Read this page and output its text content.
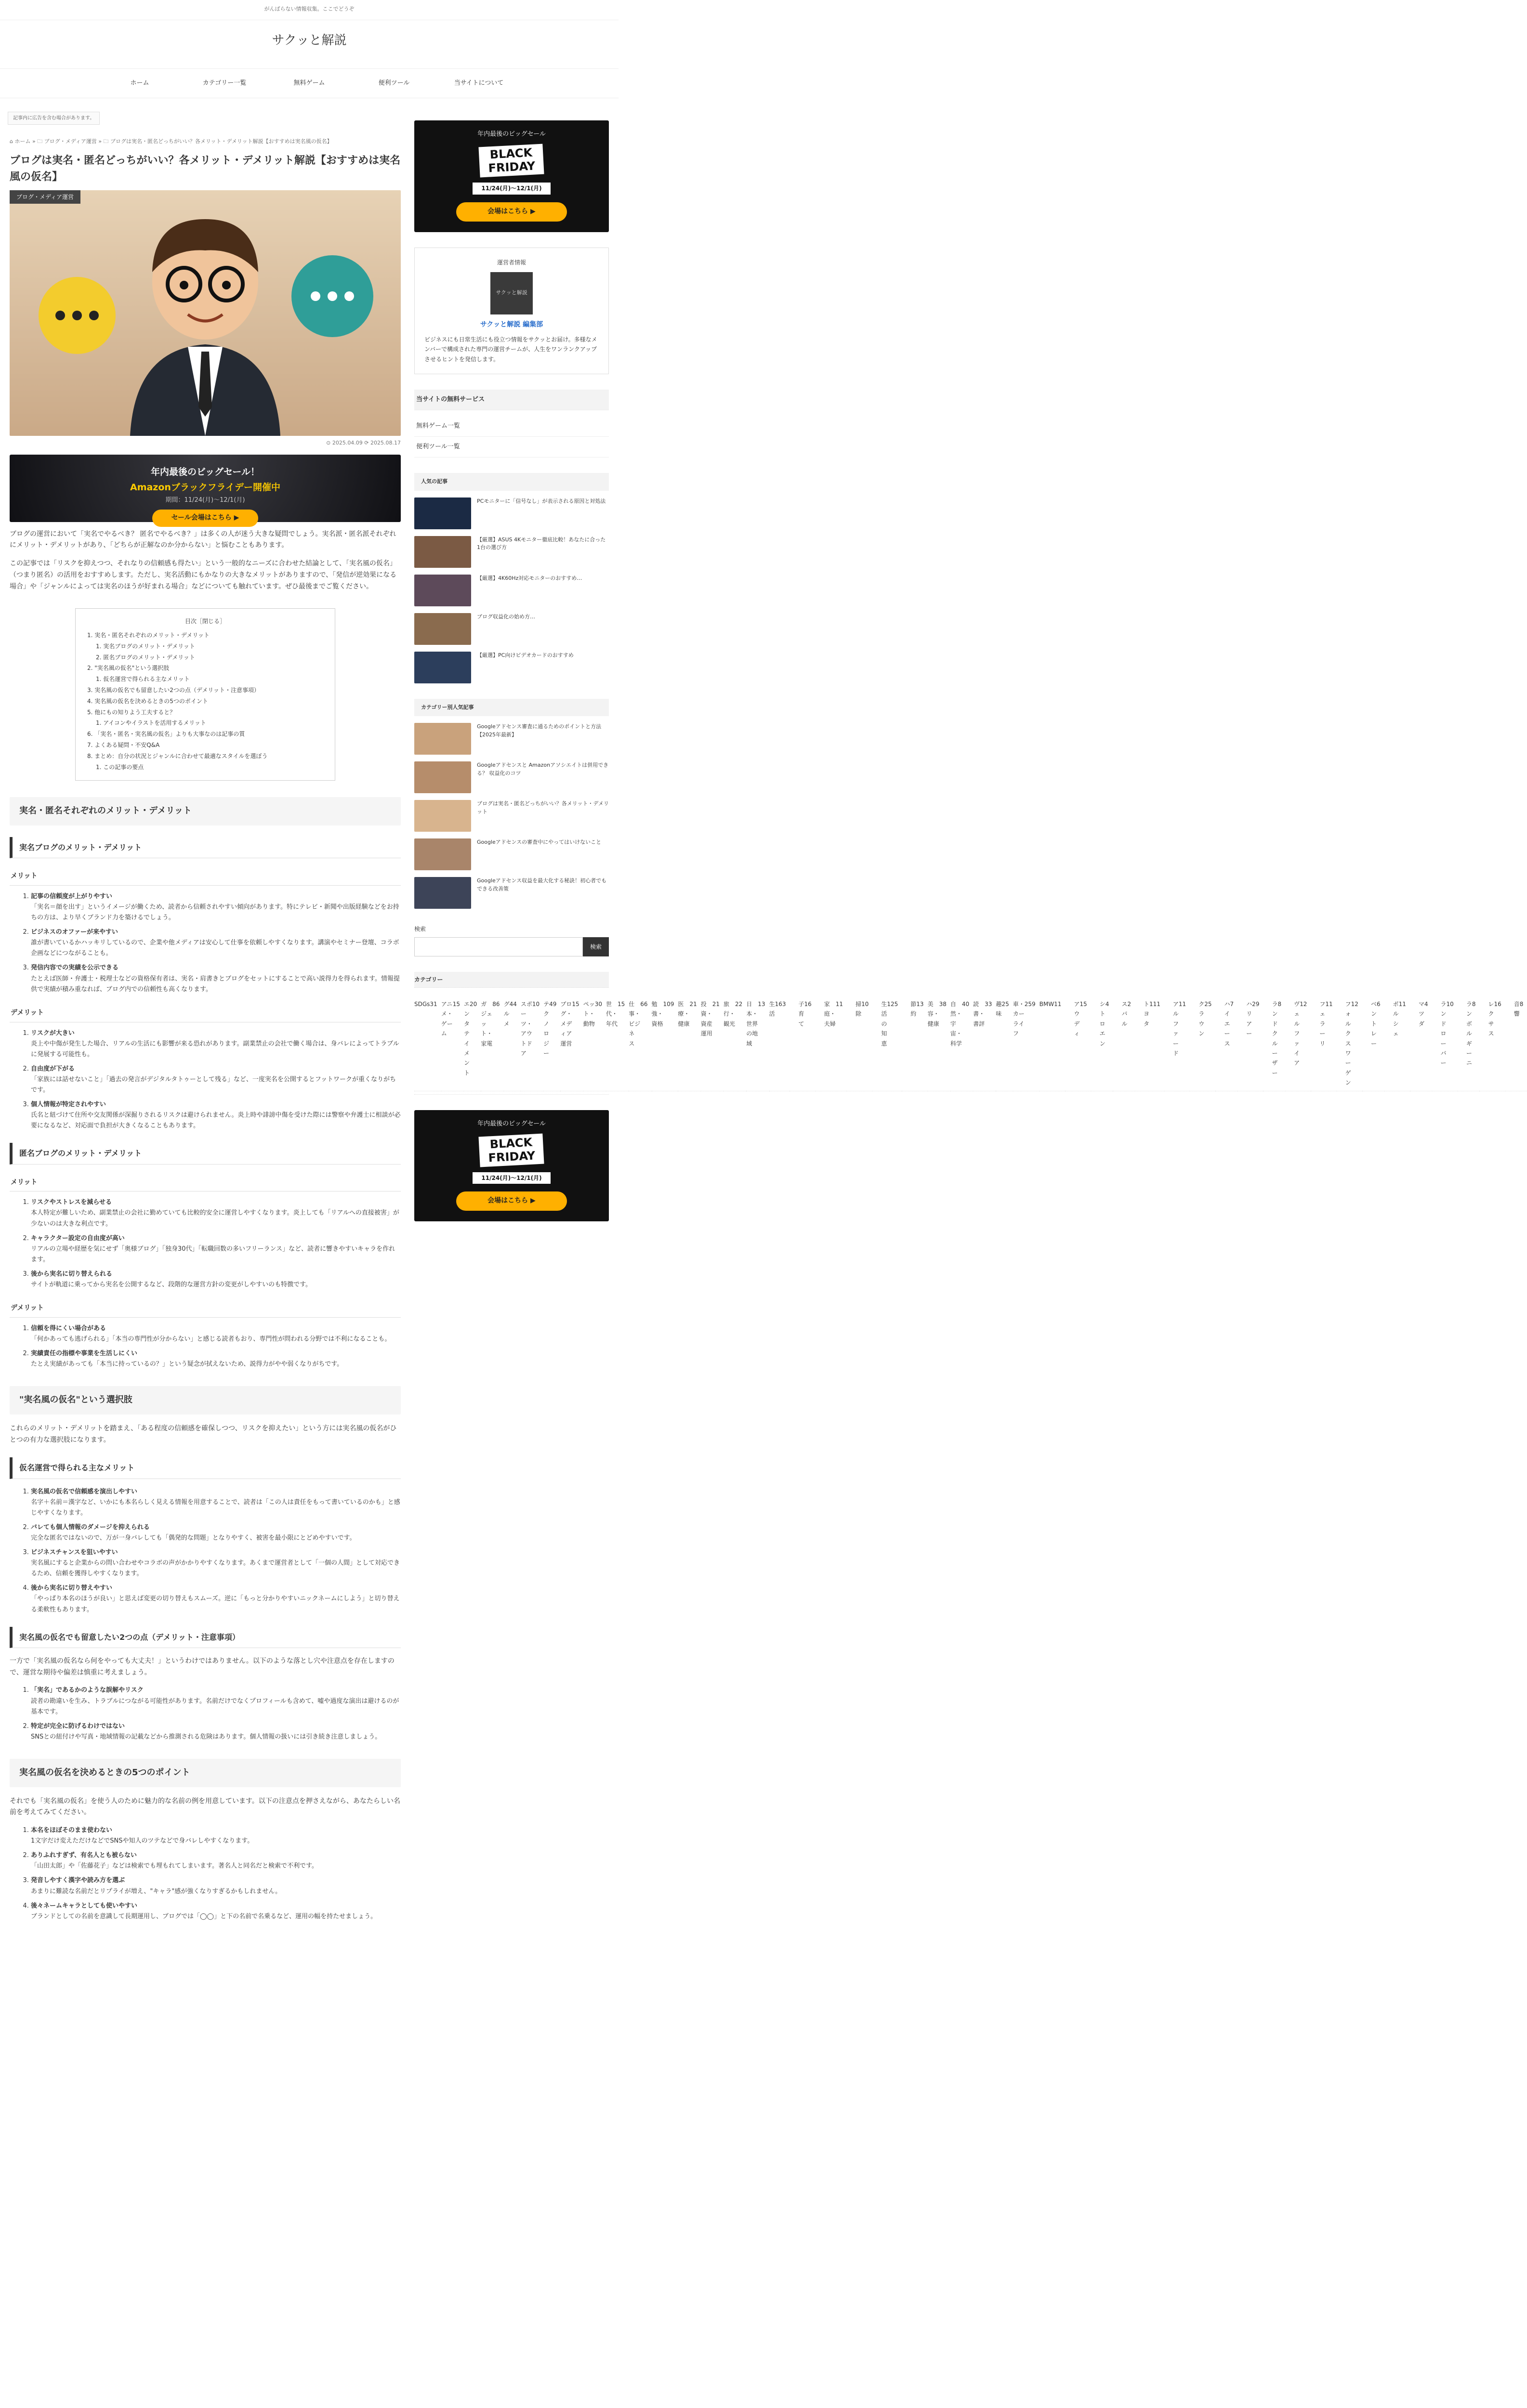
がんばらない情報収集。ここでどうぞ
サクッと解説
ホーム	カテゴリー一覧	無料ゲーム	便利ツール	当サイトについて
記事内に広告を含む場合があります。
⌂ ホーム » 🗀 ブログ・メディア運営 » 🗀 ブログは実名・匿名どっちがいい？各メリット・デメリット解説【おすすめは実名風の仮名】
ブログは実名・匿名どっちがいい？各メリット・デメリット解説【おすすめは実名風の仮名】
ブログ・メディア運営
⊙ 2025.04.09 ⟳ 2025.08.17
年内最後のビッグセール！
Amazonブラックフライデー開催中
期間：11/24(月)〜12/1(月)
セール会場はこちら ▶

ブログの運営において「実名でやるべき？ 匿名でやるべき？」は多くの人が迷う大きな疑問でしょう。実名派・匿名派それぞれにメリット・デメリットがあり、「どちらが正解なのか分からない」と悩むこともあります。

この記事では「リスクを抑えつつ、それなりの信頼感も得たい」という一般的なニーズに合わせた結論として、「実名風の仮名」（つまり匿名）の活用をおすすめします。ただし、実名活動にもかなりの大きなメリットがありますので、「発信が逆効果になる場合」や「ジャンルによっては実名のほうが好まれる場合」などについても触れています。ぜひ最後までご覧ください。

目次［閉じる］
1. 実名・匿名それぞれのメリット・デメリット
1. 実名ブログのメリット・デメリット
2. 匿名ブログのメリット・デメリット
2. "実名風の仮名"という選択肢
1. 仮名運営で得られる主なメリット
3. 実名風の仮名でも留意したい2つの点（デメリット・注意事項）
4. 実名風の仮名を決めるときの5つのポイント
5. 他にもの知りよう工夫すると？
1. アイコンやイラストを活用するメリット
6. 「実名・匿名・実名風の仮名」よりも大事なのは記事の質
7. よくある疑問・不安Q&A
8. まとめ：自分の状況とジャンルに合わせて最適なスタイルを選ぼう
1. この記事の要点
実名・匿名それぞれのメリット・デメリット
実名ブログのメリット・デメリット
メリット
1. 記事の信頼度が上がりやすい
「実名＝顔を出す」というイメージが働くため、読者から信頼されやすい傾向があります。特にテレビ・新聞や出版経験などをお持ちの方は、より早くブランド力を築けるでしょう。
2. ビジネスのオファーが来やすい
誰が書いているかハッキリしているので、企業や他メディアは安心して仕事を依頼しやすくなります。講演やセミナー登壇、コラボ企画などにつながることも。
3. 発信内容での実績を公示できる
たとえば医師・弁護士・税理士などの資格保有者は、実名・肩書きとブログをセットにすることで高い説得力を得られます。情報提供で実績が積み重なれば、ブログ内での信頼性も高くなります。
デメリット
1. リスクが大きい
炎上や中傷が発生した場合、リアルの生活にも影響が来る恐れがあります。副業禁止の会社で働く場合は、身バレによってトラブルに発展する可能性も。
2. 自由度が下がる
「家族には話せないこと」「過去の発言がデジタルタトゥーとして残る」など、一度実名を公開するとフットワークが重くなりがちです。
3. 個人情報が特定されやすい
氏名と紐づけて住所や交友関係が深掘りされるリスクは避けられません。炎上時や誹謗中傷を受けた際には警察や弁護士に相談が必要になるなど、対応面で負担が大きくなることもあります。
匿名ブログのメリット・デメリット
メリット
1. リスクやストレスを減らせる
本人特定が難しいため、副業禁止の会社に勤めていても比較的安全に運営しやすくなります。炎上しても「リアルへの直接被害」が少ないのは大きな利点です。
2. キャラクター設定の自由度が高い
リアルの立場や経歴を気にせず「奥様ブログ」「独身30代」「転職回数の多いフリーランス」など、読者に響きやすいキャラを作れます。
3. 後から実名に切り替えられる
サイトが軌道に乗ってから実名を公開するなど、段階的な運営方針の変更がしやすいのも特徴です。
デメリット
1. 信頼を得にくい場合がある
「何かあっても逃げられる」「本当の専門性が分からない」と感じる読者もおり、専門性が問われる分野では不利になることも。
2. 実績責任の指標や事業を生活しにくい
たとえ実績があっても「本当に持っているの？」という疑念が拭えないため、説得力がやや弱くなりがちです。
"実名風の仮名"という選択肢

これらのメリット・デメリットを踏まえ、「ある程度の信頼感を確保しつつ、リスクを抑えたい」という方には実名風の仮名がひとつの有力な選択肢になります。

仮名運営で得られる主なメリット
1. 実名風の仮名で信頼感を演出しやすい
名字＋名前＝漢字など、いかにも本名らしく見える情報を用意することで、読者は「この人は責任をもって書いているのかも」と感じやすくなります。
2. バレても個人情報のダメージを抑えられる
完全な匿名ではないので、万が一身バレしても「偶発的な問題」となりやすく、被害を最小限にとどめやすいです。
3. ビジネスチャンスを狙いやすい
実名風にすると企業からの問い合わせやコラボの声がかかりやすくなります。あくまで運営者として「一個の人間」として対応できるため、信頼を獲得しやすくなります。
4. 後から実名に切り替えやすい
「やっぱり本名のほうが良い」と思えば変更の切り替えもスムーズ。逆に「もっと分かりやすいニックネームにしよう」と切り替える柔軟性もあります。
実名風の仮名でも留意したい2つの点（デメリット・注意事項）

一方で「実名風の仮名なら何をやっても大丈夫！」というわけではありません。以下のような落とし穴や注意点を存在しますので、運営な期待や偏差は慎重に考えましょう。

1. 「実名」であるかのような誤解やリスク
読者の勘違いを生み、トラブルにつながる可能性があります。名前だけでなくプロフィールも含めて、嘘や過度な演出は避けるのが基本です。
2. 特定が完全に防げるわけではない
SNSとの紐付けや写真・地域情報の記載などから推測される危険はあります。個人情報の扱いには引き続き注意しましょう。
実名風の仮名を決めるときの5つのポイント

それでも「実名風の仮名」を使う人のために魅力的な名前の例を用意しています。以下の注意点を押さえながら、あなたらしい名前を考えてみてください。

1. 本名をほぼそのまま使わない
1文字だけ変えただけなどでSNSや知人のツテなどで身バレしやすくなります。
2. ありふれすぎず、有名人とも被らない
「山田太郎」や「佐藤花子」などは検索でも埋もれてしまいます。著名人と同名だと検索で不利です。
3. 発音しやすく漢字や読み方を選ぶ
あまりに難読な名前だとリプライが増え、"キャラ"感が強くなりすぎるかもしれません。
4. 後々ネームキャラとしても使いやすい
ブランドとしての名前を意識して長期運用し、ブログでは「◯◯」と下の名前で名乗るなど、運用の幅を持たせましょう。
年内最後のビッグセール
BLACK
FRIDAY
11/24(月)〜12/1(月)
会場はこちら ▶
運営者情報
サクッと解説
サクッと解説 編集部
ビジネスにも日常生活にも役立つ情報をサクッとお届け。多様なメンバーで構成された専門の運営チームが、人生をワンランクアップさせるヒントを発信します。
当サイトの無料サービス
無料ゲーム一覧
便利ツール一覧
人気の記事
PCモニターに「信号なし」が表示される原因と対処法
【厳選】ASUS 4Kモニター徹底比較！あなたに合った1台の選び方
【厳選】4K60Hz対応モニターのおすすめ…
ブログ収益化の始め方…
【厳選】PC向けビデオカードのおすすめ
カテゴリー別人気記事
Googleアドセンス審査に通るためのポイントと方法【2025年最新】
Googleアドセンスと Amazonアソシエイトは併用できる？ 収益化のコツ
ブログは実名・匿名どっちがいい？各メリット・デメリット
Googleアドセンスの審査中にやってはいけないこと
Googleアドセンス収益を最大化する秘訣！初心者でもできる改善策
検索
検索
カテゴリー
SDGs 31 アニメ・ゲーム
15 エンタテイメント
20 ガジェット・家電
86 グルメ
44 スポーツ・アウトドア
10 テクノロジー
49 ブログ・メディア運営
15 ペット・動物
30 世代・年代
15 仕事・ビジネス
66 勉強・資格
109 医療・健康
21 投資・資産運用
21 旅行・観光
22 日本・世界の地域
13 生活
163 子育て
16 家庭・夫婦
11 掃除
10 生活の知恵
125 節約
13 美容・健康
38 自然・宇宙・科学
40 読書・書評
33 趣味
25 車・カーライフ
259 BMW 11 アウディ
15 シトロエン
4 スバル
2 トヨタ
111 アルファード
11 クラウン
25 ハイエース
7 ハリアー
29 ランドクルーザー
8 ヴェルファイア
12 フェラーリ
11 フォルクスワーゲン
12 ベントレー
6 ポルシェ
11 マツダ
4 ランドローバー
10 ランボルギーニ
8 レクサス
16 音響
8
年内最後のビッグセール
BLACK
FRIDAY
11/24(月)〜12/1(月)
会場はこちら ▶
